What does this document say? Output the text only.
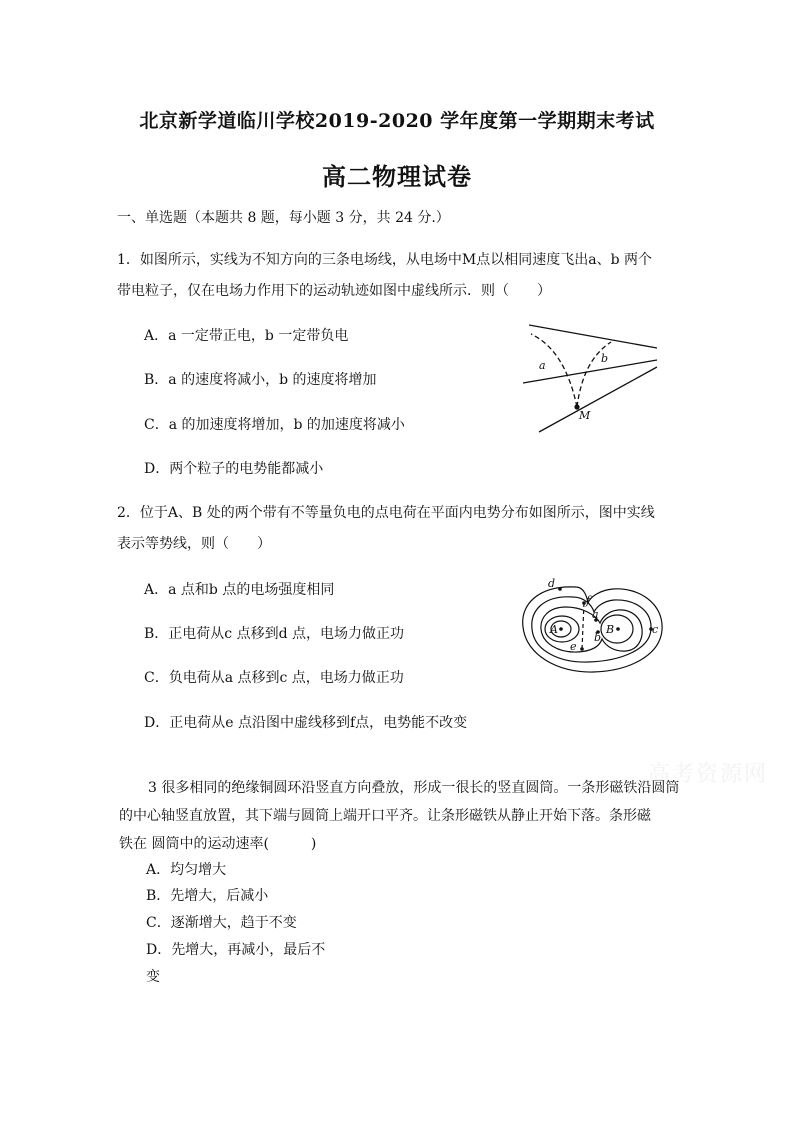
北京新学道临川学校2019-2020 学年度第一学期期末考试
高二物理试卷
一、单选题（本题共 8 题，每小题 3 分，共 24 分.）
1．如图所示，实线为不知方向的三条电场线，从电场中M点以相同速度飞出a、b 两个
带电粒子，仅在电场力作用下的运动轨迹如图中虚线所示．则（　　）
A．a 一定带正电，b 一定带负电
B．a 的速度将减小，b 的速度将增加
C．a 的加速度将增加，b 的加速度将减小
D．两个粒子的电势能都减小
a
b
M
2．位于A、B 处的两个带有不等量负电的点电荷在平面内电势分布如图所示，图中实线
表示等势线，则（　　）
A．a 点和b 点的电场强度相同
B．正电荷从c 点移到d 点，电场力做正功
C．负电荷从a 点移到c 点，电场力做正功
D．正电荷从e 点沿图中虚线移到f点，电势能不改变
A	B
a
b
c
d
e
f
高考资源网
3 很多相同的绝缘铜圆环沿竖直方向叠放，形成一很长的竖直圆筒。一条形磁铁沿圆筒
的中心轴竖直放置，其下端与圆筒上端开口平齐。让条形磁铁从静止开始下落。条形磁
铁在 圆筒中的运动速率(　　　)
A．均匀增大
B．先增大，后减小
C．逐渐增大，趋于不变
D．先增大，再减小，最后不
变
